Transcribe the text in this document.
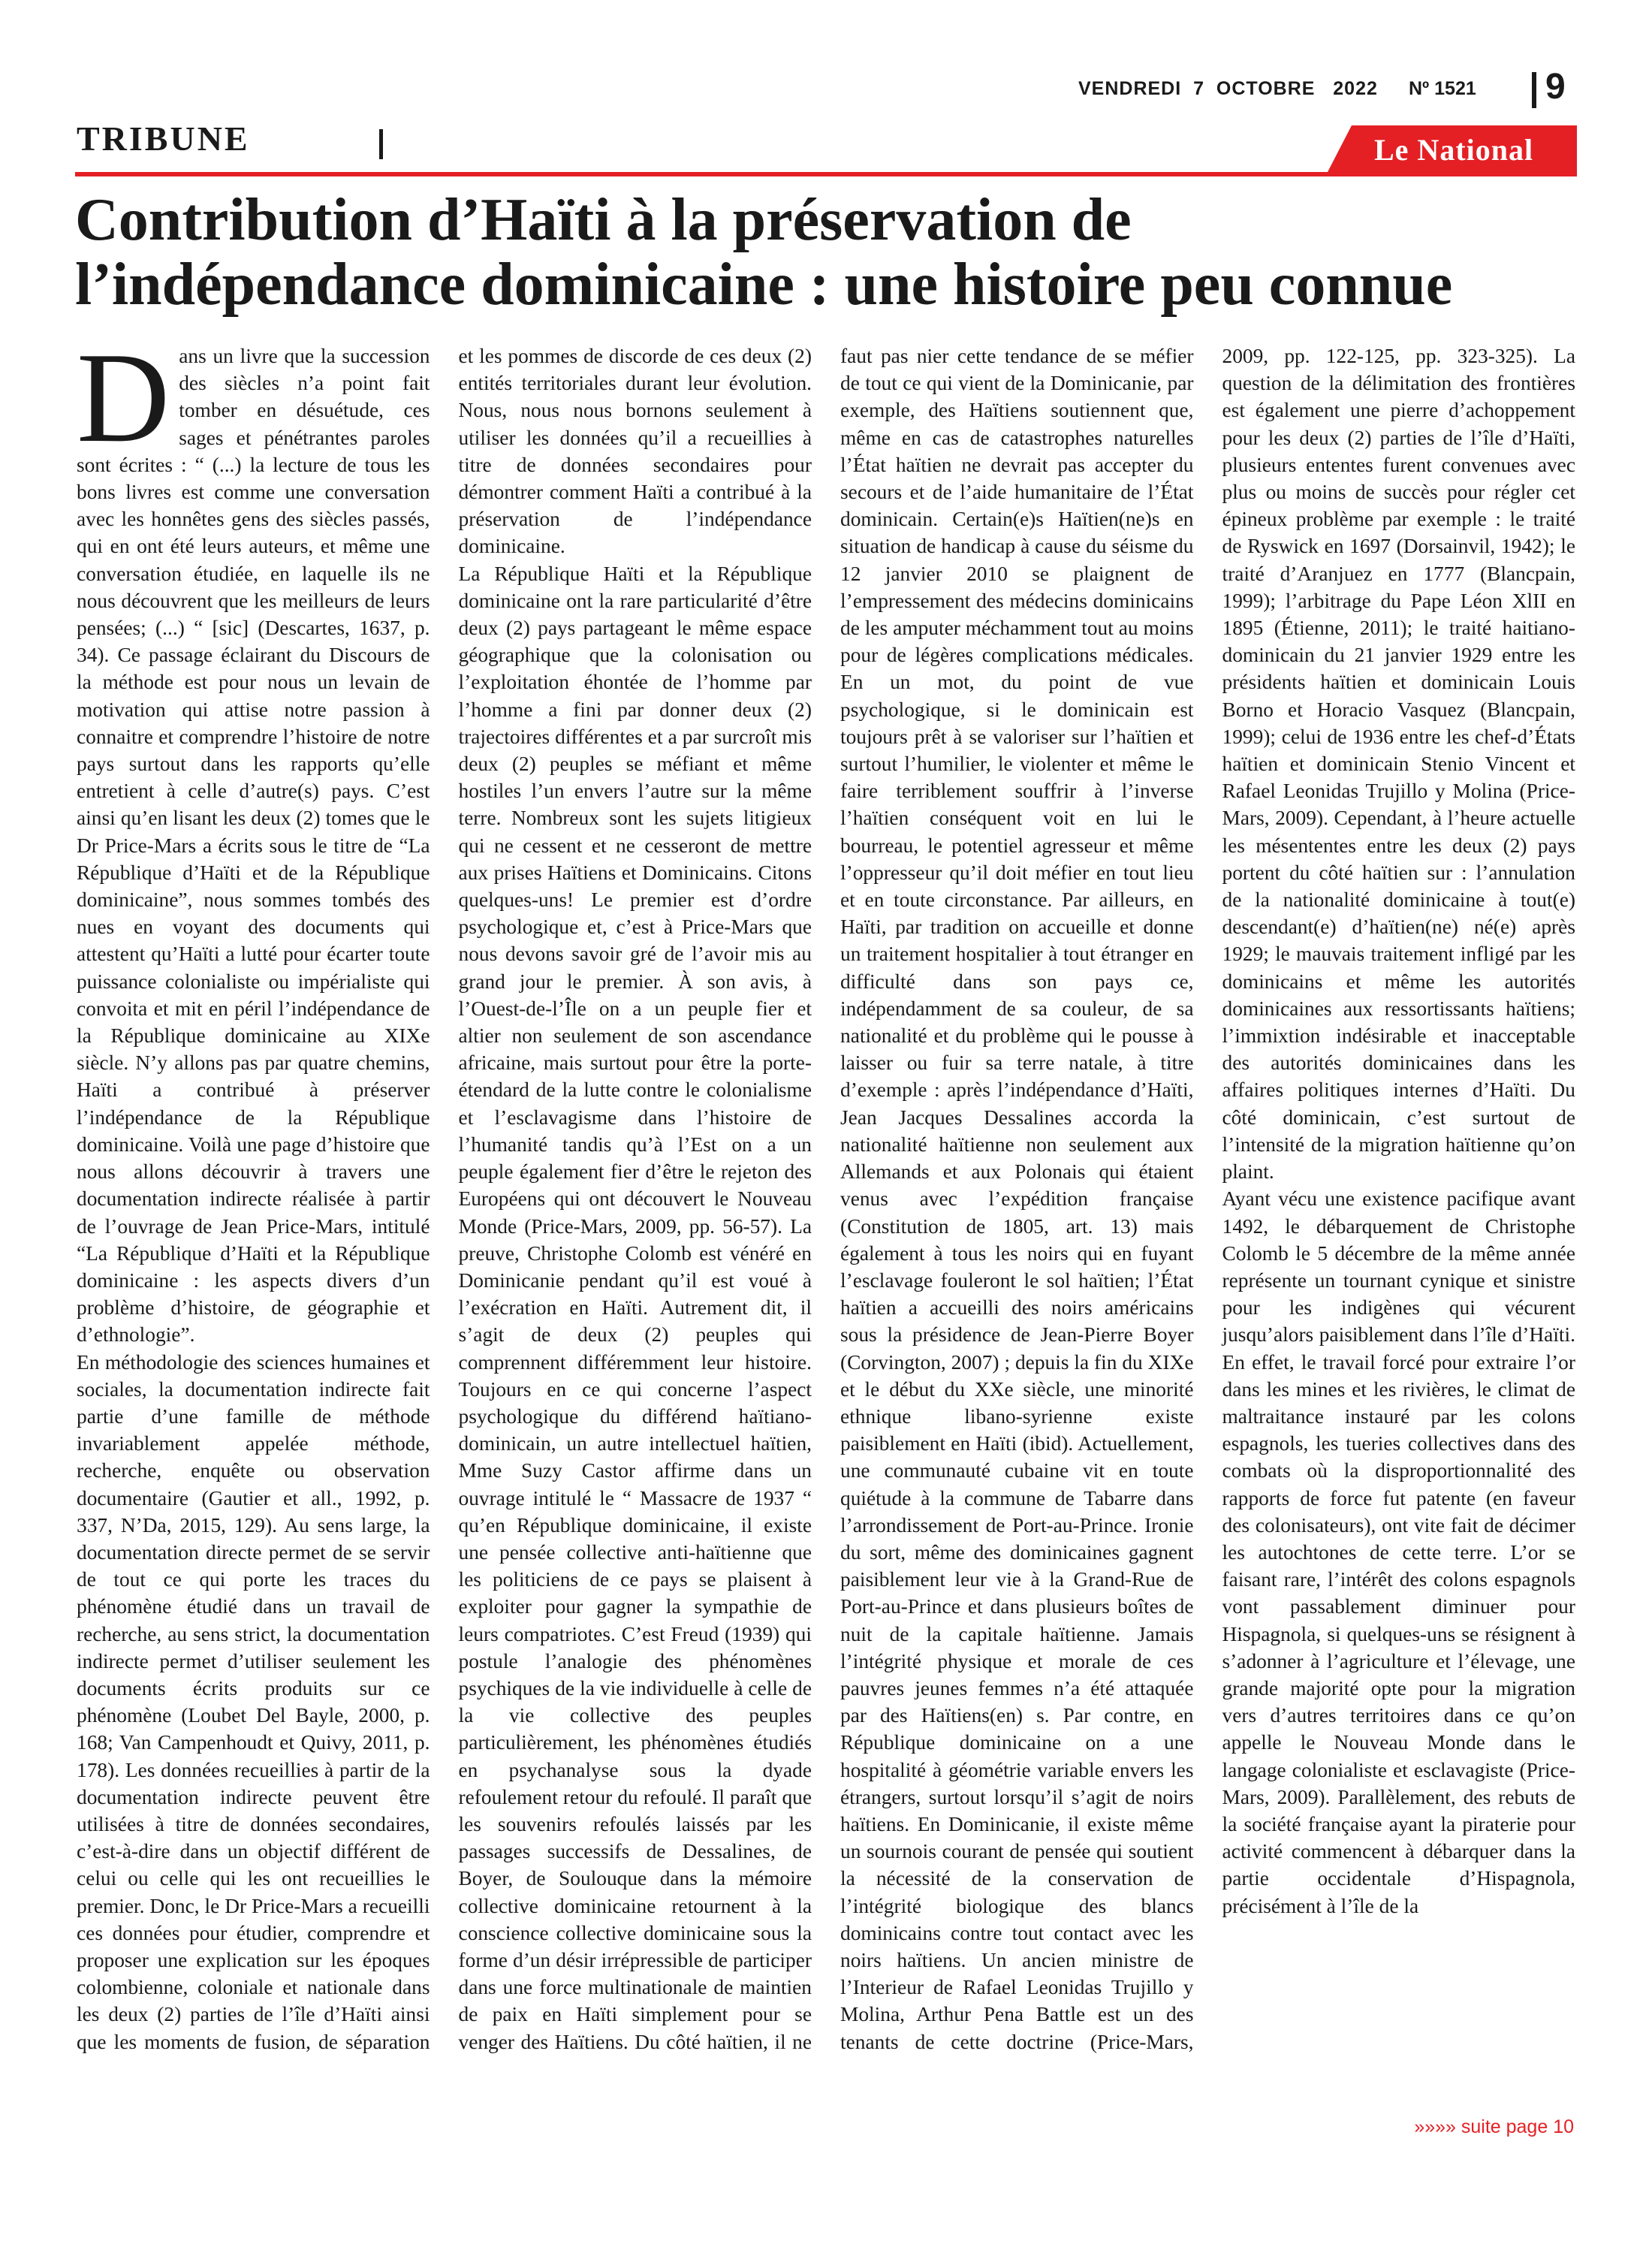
VENDREDI  7  OCTOBRE   2022 Nº 1521 9
TRIBUNE	Le National
Contribution d’Haïti à la préservation de
l’indépendance dominicaine : une histoire peu connue

Dans un livre que la succession des siècles n’a point fait tomber en désuétude, ces sages et pénétrantes paroles sont écrites : “ (...) la lecture de tous les bons livres est comme une conversation avec les honnêtes gens des siècles passés, qui en ont été leurs auteurs, et même une conversation étudiée, en laquelle ils ne nous découvrent que les meilleurs de leurs pensées; (...) “ [sic] (Descartes, 1637, p. 34). Ce passage éclairant du Discours de la méthode est pour nous un levain de motivation qui attise notre passion à connaitre et comprendre l’histoire de notre pays surtout dans les rapports qu’elle entretient à celle d’autre(s) pays. C’est ainsi qu’en lisant les deux (2) tomes que le Dr Price-Mars a écrits sous le titre de “La République d’Haïti et de la République dominicaine”, nous sommes tombés des nues en voyant des documents qui attestent qu’Haïti a lutté pour écarter toute puissance colonialiste ou impérialiste qui convoita et mit en péril l’indépendance de la République dominicaine au XIXe siècle. N’y allons pas par quatre chemins, Haïti a contribué à préserver l’indépendance de la République dominicaine. Voilà une page d’histoire que nous allons découvrir à travers une documentation indirecte réalisée à partir de l’ouvrage de Jean Price-Mars, intitulé “La République d’Haïti et la République dominicaine : les aspects divers d’un problème d’histoire, de géographie et d’ethnologie”.

En méthodologie des sciences humaines et sociales, la documentation indirecte fait partie d’une famille de méthode invariablement appelée méthode, recherche, enquête ou observation documentaire (Gautier et all., 1992, p. 337, N’Da, 2015, 129). Au sens large, la documentation directe permet de se servir de tout ce qui porte les traces du phénomène étudié dans un travail de recherche, au sens strict, la documentation indirecte permet d’utiliser seulement les documents écrits produits sur ce phénomène (Loubet Del Bayle, 2000, p. 168; Van Campenhoudt et Quivy, 2011, p. 178). Les données recueillies à partir de la documentation indirecte peuvent être utilisées à titre de données secondaires, c’est-à-dire dans un objectif différent de celui ou celle qui les ont recueillies le premier. Donc, le Dr Price-Mars a recueilli ces données pour étudier, comprendre et proposer une explication sur les époques colombienne, coloniale et nationale dans les deux (2) parties de l’île d’Haïti ainsi que les moments de fusion, de séparation et les pommes de discorde de ces deux (2) entités territoriales durant leur évolution. Nous, nous nous bornons seulement à utiliser les données qu’il a recueillies à titre de données secondaires pour démontrer comment Haïti a contribué à la préservation de l’indépendance dominicaine.

La République Haïti et la République dominicaine ont la rare particularité d’être deux (2) pays partageant le même espace géographique que la colonisation ou l’exploitation éhontée de l’homme par l’homme a fini par donner deux (2) trajectoires différentes et a par surcroît mis deux (2) peuples se méfiant et même hostiles l’un envers l’autre sur la même terre. Nombreux sont les sujets litigieux qui ne cessent et ne cesseront de mettre aux prises Haïtiens et Dominicains. Citons quelques-uns! Le premier est d’ordre psychologique et, c’est à Price-Mars que nous devons savoir gré de l’avoir mis au grand jour le premier. À son avis, à l’Ouest-de-l’Île on a un peuple fier et altier non seulement de son ascendance africaine, mais surtout pour être la porte-étendard de la lutte contre le colonialisme et l’esclavagisme dans l’histoire de l’humanité tandis qu’à l’Est on a un peuple également fier d’être le rejeton des Européens qui ont découvert le Nouveau Monde (Price-Mars, 2009, pp. 56-57). La preuve, Christophe Colomb est vénéré en Dominicanie pendant qu’il est voué à l’exécration en Haïti. Autrement dit, il s’agit de deux (2) peuples qui comprennent différemment leur histoire. Toujours en ce qui concerne l’aspect psychologique du différend haïtiano-dominicain, un autre intellectuel haïtien, Mme Suzy Castor affirme dans un ouvrage intitulé le “ Massacre de 1937 “ qu’en République dominicaine, il existe une pensée collective anti-haïtienne que les politiciens de ce pays se plaisent à exploiter pour gagner la sympathie de leurs compatriotes. C’est Freud (1939) qui postule l’analogie des phénomènes psychiques de la vie individuelle à celle de la vie collective des peuples particulièrement, les phénomènes étudiés en psychanalyse sous la dyade refoulement retour du refoulé. Il paraît que les souvenirs refoulés laissés par les passages successifs de Dessalines, de Boyer, de Soulouque dans la mémoire collective dominicaine retournent à la conscience collective dominicaine sous la forme d’un désir irrépressible de participer dans une force multinationale de maintien de paix en Haïti simplement pour se venger des Haïtiens. Du côté haïtien, il ne faut pas nier cette tendance de se méfier de tout ce qui vient de la Dominicanie, par exemple, des Haïtiens soutiennent que, même en cas de catastrophes naturelles l’État haïtien ne devrait pas accepter du secours et de l’aide humanitaire de l’État dominicain. Certain(e)s Haïtien(ne)s en situation de handicap à cause du séisme du 12 janvier 2010 se plaignent de l’empressement des médecins dominicains de les amputer méchamment tout au moins pour de légères complications médicales. En un mot, du point de vue psychologique, si le dominicain est toujours prêt à se valoriser sur l’haïtien et surtout l’humilier, le violenter et même le faire terriblement souffrir à l’inverse l’haïtien conséquent voit en lui le bourreau, le potentiel agresseur et même l’oppresseur qu’il doit méfier en tout lieu et en toute circonstance. Par ailleurs, en Haïti, par tradition on accueille et donne un traitement hospitalier à tout étranger en difficulté dans son pays ce, indépendamment de sa couleur, de sa nationalité et du problème qui le pousse à laisser ou fuir sa terre natale, à titre d’exemple : après l’indépendance d’Haïti, Jean Jacques Dessalines accorda la nationalité haïtienne non seulement aux Allemands et aux Polonais qui étaient venus avec l’expédition française (Constitution de 1805, art. 13) mais également à tous les noirs qui en fuyant l’esclavage fouleront le sol haïtien; l’État haïtien a accueilli des noirs américains sous la présidence de Jean-Pierre Boyer (Corvington, 2007) ; depuis la fin du XIXe et le début du XXe siècle, une minorité ethnique libano-syrienne existe paisiblement en Haïti (ibid). Actuellement, une communauté cubaine vit en toute quiétude à la commune de Tabarre dans l’arrondissement de Port-au-Prince. Ironie du sort, même des dominicaines gagnent paisiblement leur vie à la Grand-Rue de Port-au-Prince et dans plusieurs boîtes de nuit de la capitale haïtienne. Jamais l’intégrité physique et morale de ces pauvres jeunes femmes n’a été attaquée par des Haïtiens(en) s. Par contre, en République dominicaine on a une hospitalité à géométrie variable envers les étrangers, surtout lorsqu’il s’agit de noirs haïtiens. En Dominicanie, il existe même un sournois courant de pensée qui soutient la nécessité de la conservation de l’intégrité biologique des blancs dominicains contre tout contact avec les noirs haïtiens. Un ancien ministre de l’Interieur de Rafael Leonidas Trujillo y Molina, Arthur Pena Battle est un des tenants de cette doctrine (Price-Mars, 2009, pp. 122-125, pp. 323-325). La question de la délimitation des frontières est également une pierre d’achoppement pour les deux (2) parties de l’île d’Haïti, plusieurs ententes furent convenues avec plus ou moins de succès pour régler cet épineux problème par exemple : le traité de Ryswick en 1697 (Dorsainvil, 1942); le traité d’Aranjuez en 1777 (Blancpain, 1999); l’arbitrage du Pape Léon XlII en 1895 (Étienne, 2011); le traité haitiano-dominicain du 21 janvier 1929 entre les présidents haïtien et dominicain Louis Borno et Horacio Vasquez (Blancpain, 1999); celui de 1936 entre les chef-d’États haïtien et dominicain Stenio Vincent et Rafael Leonidas Trujillo y Molina (Price-Mars, 2009). Cependant, à l’heure actuelle les mésententes entre les deux (2) pays portent du côté haïtien sur : l’annulation de la nationalité dominicaine à tout(e) descendant(e) d’haïtien(ne) né(e) après 1929; le mauvais traitement infligé par les dominicains et même les autorités dominicaines aux ressortissants haïtiens; l’immixtion indésirable et inacceptable des autorités dominicaines dans les affaires politiques internes d’Haïti. Du côté dominicain, c’est surtout de l’intensité de la migration haïtienne qu’on plaint.

Ayant vécu une existence pacifique avant 1492, le débarquement de Christophe Colomb le 5 décembre de la même année représente un tournant cynique et sinistre pour les indigènes qui vécurent jusqu’alors paisiblement dans l’île d’Haïti. En effet, le travail forcé pour extraire l’or dans les mines et les rivières, le climat de maltraitance instauré par les colons espagnols, les tueries collectives dans des combats où la disproportionnalité des rapports de force fut patente (en faveur des colonisateurs), ont vite fait de décimer les autochtones de cette terre. L’or se faisant rare, l’intérêt des colons espagnols vont passablement diminuer pour Hispagnola, si quelques-uns se résignent à s’adonner à l’agriculture et l’élevage, une grande majorité opte pour la migration vers d’autres territoires dans ce qu’on appelle le Nouveau Monde dans le langage colonialiste et esclavagiste (Price-Mars, 2009). Parallèlement, des rebuts de la société française ayant la piraterie pour activité commencent à débarquer dans la partie occidentale d’Hispagnola, précisément à l’île de la

»»»» suite page 10
